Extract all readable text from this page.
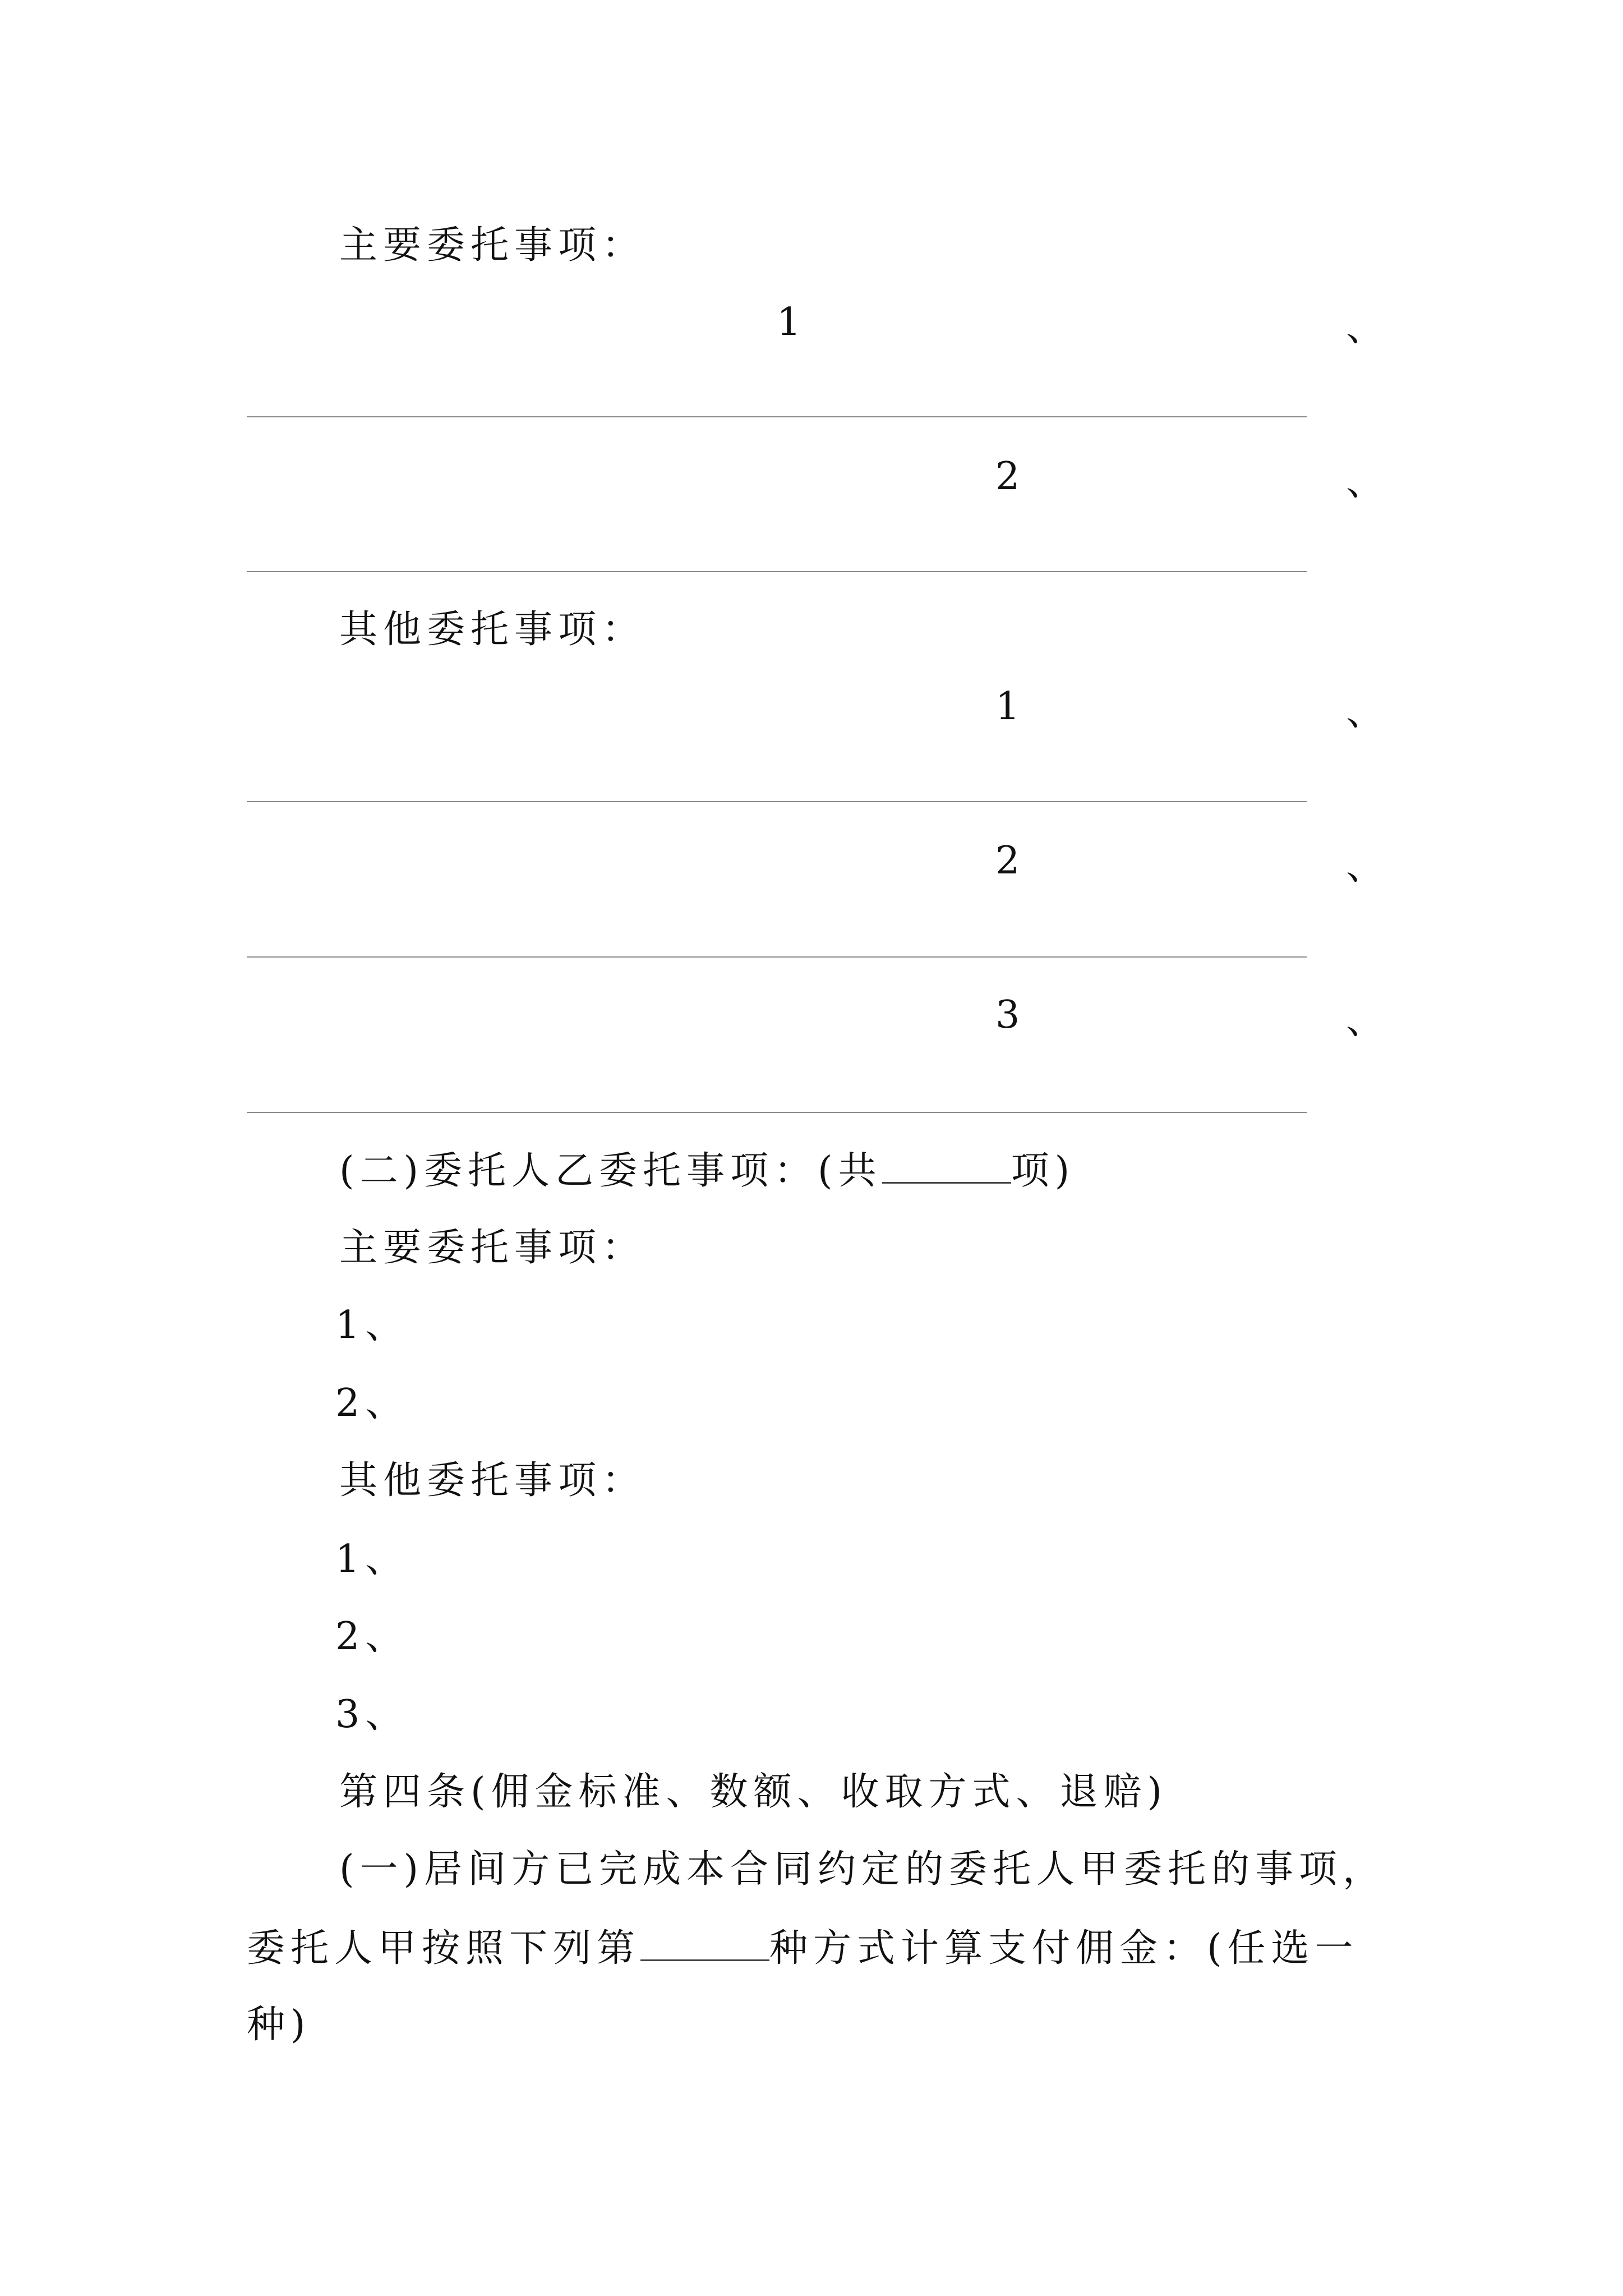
主要委托事项：
1	、
2	、
其他委托事项：
1	、
2	、
3	、
(二)委托人乙委托事项：(共	项)
主要委托事项：
1、
2、
其他委托事项：
1、
2、
3、
第四条(佣金标准、数额、收取方式、退赔)
(一)居间方已完成本合同约定的委托人甲委托的事项，
委托人甲按照下列第	种方式计算支付佣金：(任选一
种)
